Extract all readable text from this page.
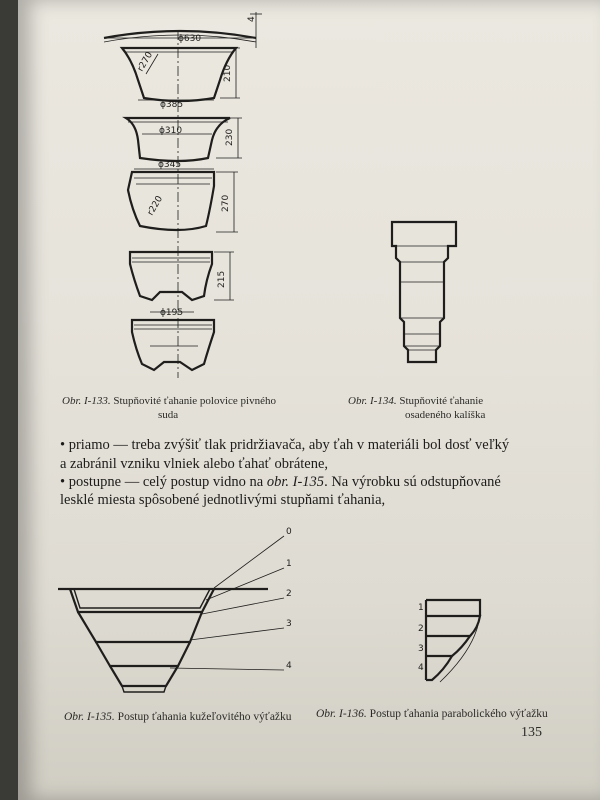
4
ϕ630
r270	210
ϕ385
ϕ310	230
ϕ345
r220	270
215
ϕ195
0
1
2
3
4
1
2
3
4
Obr. I-133. Stupňovité ťahanie polovice pivného
suda
Obr. I-134. Stupňovité ťahanie
osadeného kalíška
• priamo — treba zvýšiť tlak pridržiavača, aby ťah v materiáli bol dosť veľký
a zabránil vzniku vlniek alebo ťahať obrátene,
• postupne — celý postup vidno na obr. I-135. Na výrobku sú odstupňované
lesklé miesta spôsobené jednotlivými stupňami ťahania,
Obr. I-135. Postup ťahania kužeľovitého výťažku Obr. I-136. Postup ťahania parabolického výťažku
135
